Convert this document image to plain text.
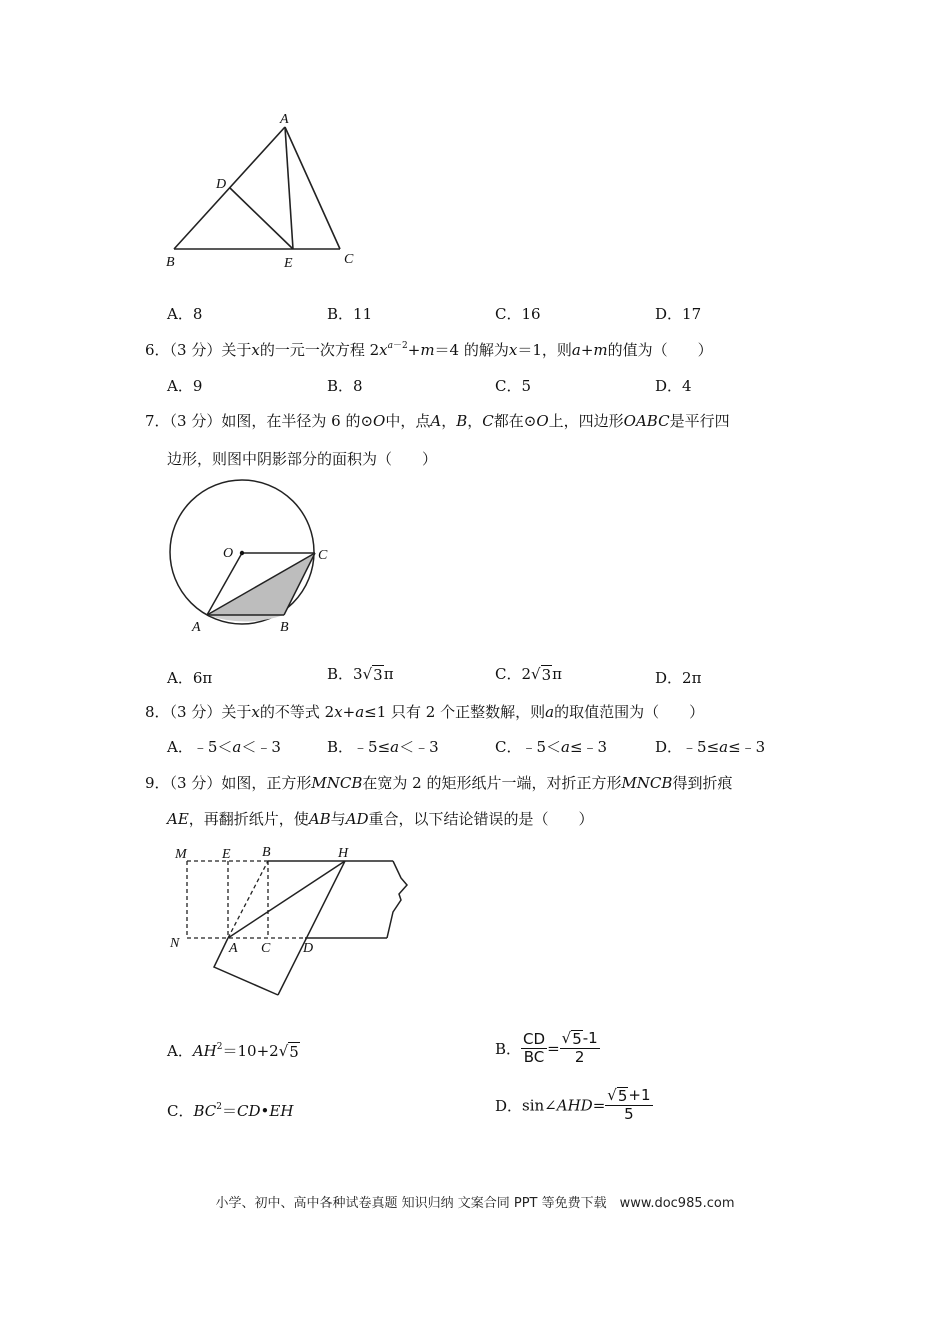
A
D
B	E	C
A．8	B．11	C．16	D．17
6．（3 分）关于x的一元一次方程 $2x^{a-2}+m=4$ 的解为x＝1，则a+m的值为（　　）
A．9	B．8	C．5	D．4
7．（3 分）如图，在半径为 6 的⊙O中，点A，B，C都在⊙O上，四边形OABC是平行四
边形，则图中阴影部分的面积为（　　）
O	C
A	B
A．6π	B．3 √ 3 π	C．2 √ 3 π	D．2π
8．（3 分）关于x的不等式 2x+a≤1 只有 2 个正整数解，则a的取值范围为（　　）
A．﹣5＜a＜﹣3	B．﹣5≤a＜﹣3	C．﹣5＜a≤﹣3	D．﹣5≤a≤﹣3
9．（3 分）如图，正方形MNCB在宽为 2 的矩形纸片一端，对折正方形MNCB得到折痕
AE，再翻折纸片，使AB与AD重合，以下结论错误的是（　　）
M	E B	H
N	A C D
A．$AH^2=10+2$ √ 5	B． $\frac{CD}{BC} = \frac{√ 5 -1}{2}$
C．$BC^2=CD•EH$	D．sin∠AHD= $\frac{√ 5 +1}{5}$
小学、初中、高中各种试卷真题 知识归纳 文案合同 PPT 等免费下载　www.doc985.com
